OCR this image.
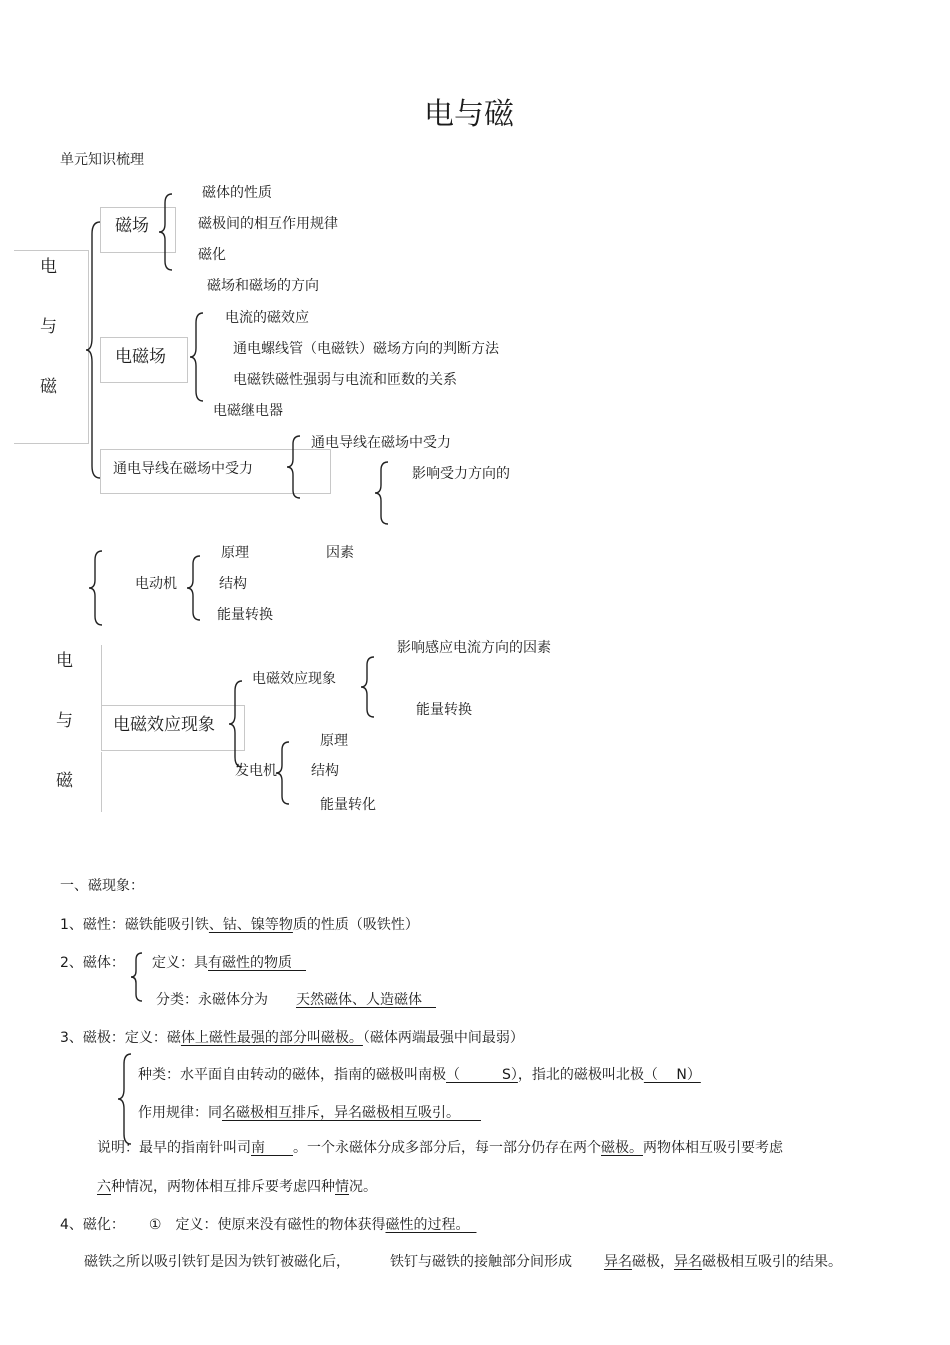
电与磁
单元知识梳理
电
与
磁
磁场
磁体的性质
磁极间的相互作用规律
磁化
磁场和磁场的方向
电磁场
电流的磁效应
通电螺线管（电磁铁）磁场方向的判断方法
电磁铁磁性强弱与电流和匝数的关系
电磁继电器
通电导线在磁场中受力
通电导线在磁场中受力
影响受力方向的
电动机
原理	因素
结构
能量转换
电
与
磁
电磁效应现象
电磁效应现象
影响感应电流方向的因素
能量转换
发电机
原理
结构
能量转化
一、磁现象：
1、磁性：磁铁能吸引铁、钴、镍等物质的性质（吸铁性）
2、磁体： 定义：具有磁性的物质　
分类：永磁体分为 天然磁体、人造磁体　
3、磁极：定义：磁体上磁性最强的部分叫磁极。（磁体两端最强中间最弱）
种类：水平面自由转动的磁体，指南的磁极叫南极（　　　S），指北的磁极叫北极（　 N）
作用规律：同名磁极相互排斥，异名磁极相互吸引。　　
说明：最早的指南针叫司南　　。一个永磁体分成多部分后，每一部分仍存在两个磁极。两物体相互吸引要考虑
六种情况，两物体相互排斥要考虑四种情况。
4、磁化： ①　定义：使原来没有磁性的物体获得磁性的过程。　
磁铁之所以吸引铁钉是因为铁钉被磁化后，	铁钉与磁铁的接触部分间形成 异名磁极，异名磁极相互吸引的结果。
